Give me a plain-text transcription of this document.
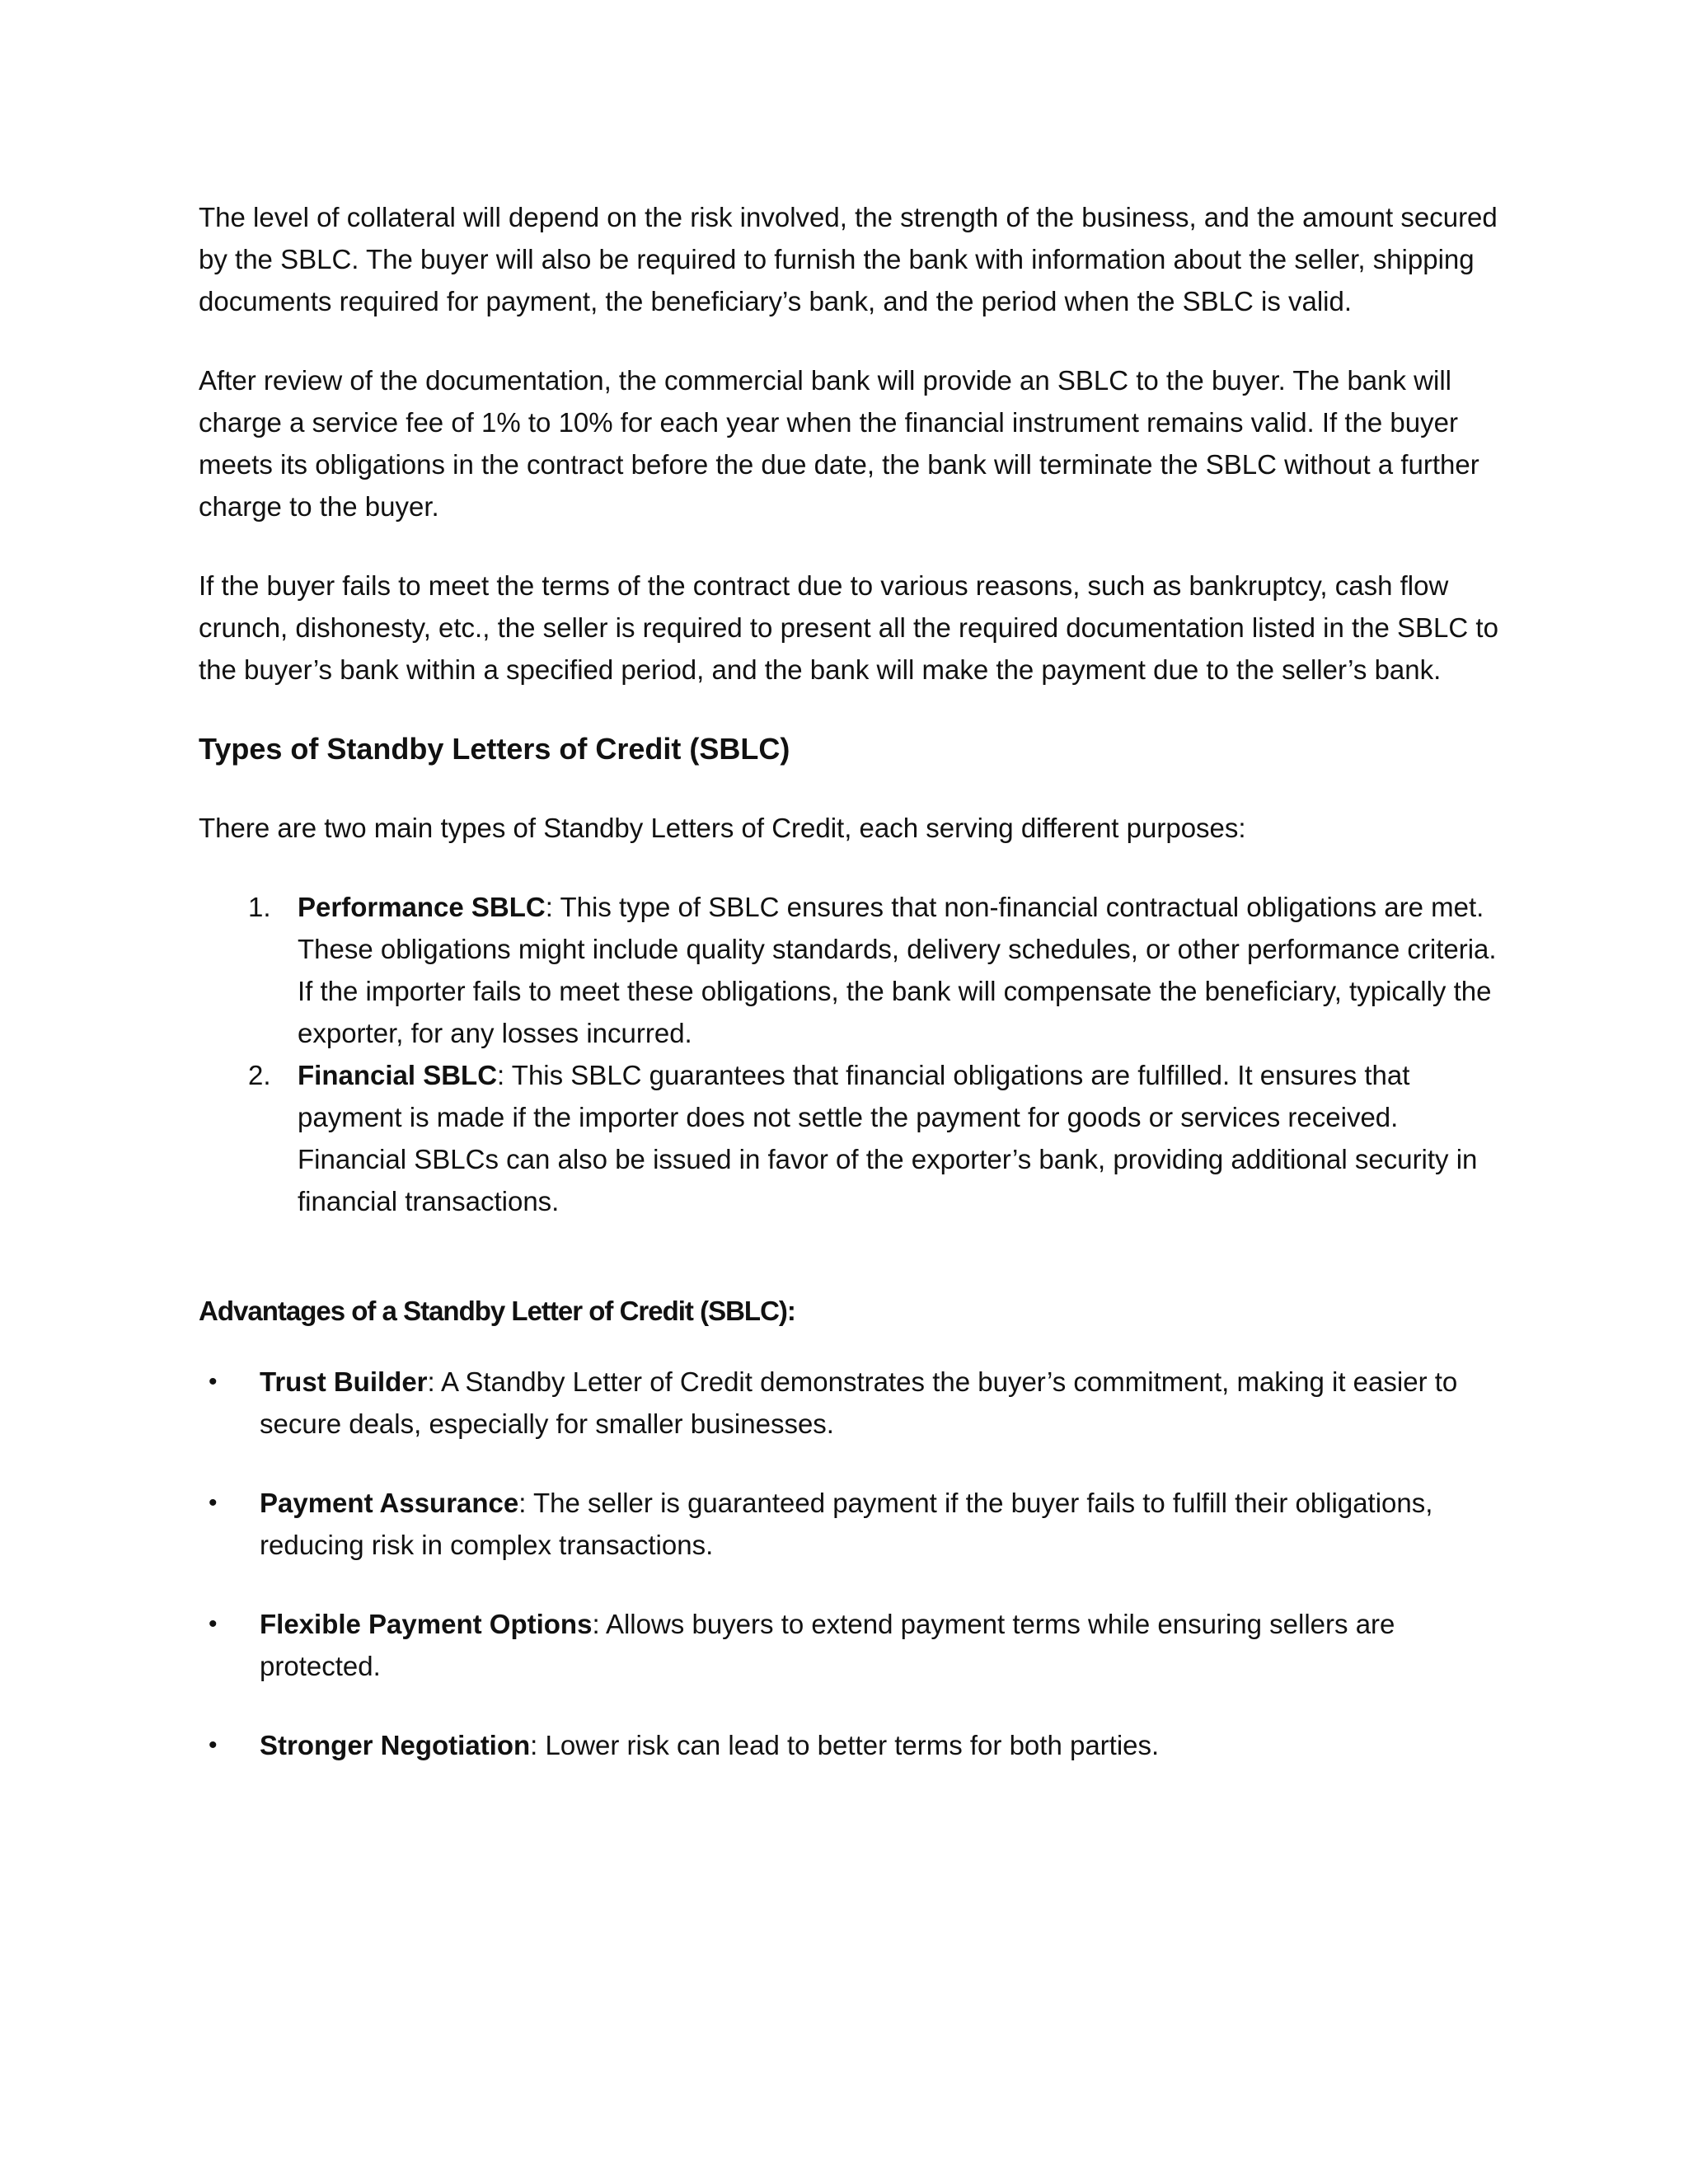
The level of collateral will depend on the risk involved, the strength of the business, and the amount secured by the SBLC. The buyer will also be required to furnish the bank with information about the seller, shipping documents required for payment, the beneficiary’s bank, and the period when the SBLC is valid.

After review of the documentation, the commercial bank will provide an SBLC to the buyer. The bank will charge a service fee of 1% to 10% for each year when the financial instrument remains valid. If the buyer meets its obligations in the contract before the due date, the bank will terminate the SBLC without a further charge to the buyer.

If the buyer fails to meet the terms of the contract due to various reasons, such as bankruptcy, cash flow crunch, dishonesty, etc., the seller is required to present all the required documentation listed in the SBLC to the buyer’s bank within a specified period, and the bank will make the payment due to the seller’s bank.

Types of Standby Letters of Credit (SBLC)

There are two main types of Standby Letters of Credit, each serving different purposes:

1. Performance SBLC: This type of SBLC ensures that non-financial contractual obligations are met. These obligations might include quality standards, delivery schedules, or other performance criteria. If the importer fails to meet these obligations, the bank will compensate the beneficiary, typically the exporter, for any losses incurred.
2. Financial SBLC: This SBLC guarantees that financial obligations are fulfilled. It ensures that payment is made if the importer does not settle the payment for goods or services received. Financial SBLCs can also be issued in favor of the exporter’s bank, providing additional security in financial transactions.

Advantages of a Standby Letter of Credit (SBLC):

• Trust Builder: A Standby Letter of Credit demonstrates the buyer’s commitment, making it easier to secure deals, especially for smaller businesses.
• Payment Assurance: The seller is guaranteed payment if the buyer fails to fulfill their obligations, reducing risk in complex transactions.
• Flexible Payment Options: Allows buyers to extend payment terms while ensuring sellers are protected.
• Stronger Negotiation: Lower risk can lead to better terms for both parties.
